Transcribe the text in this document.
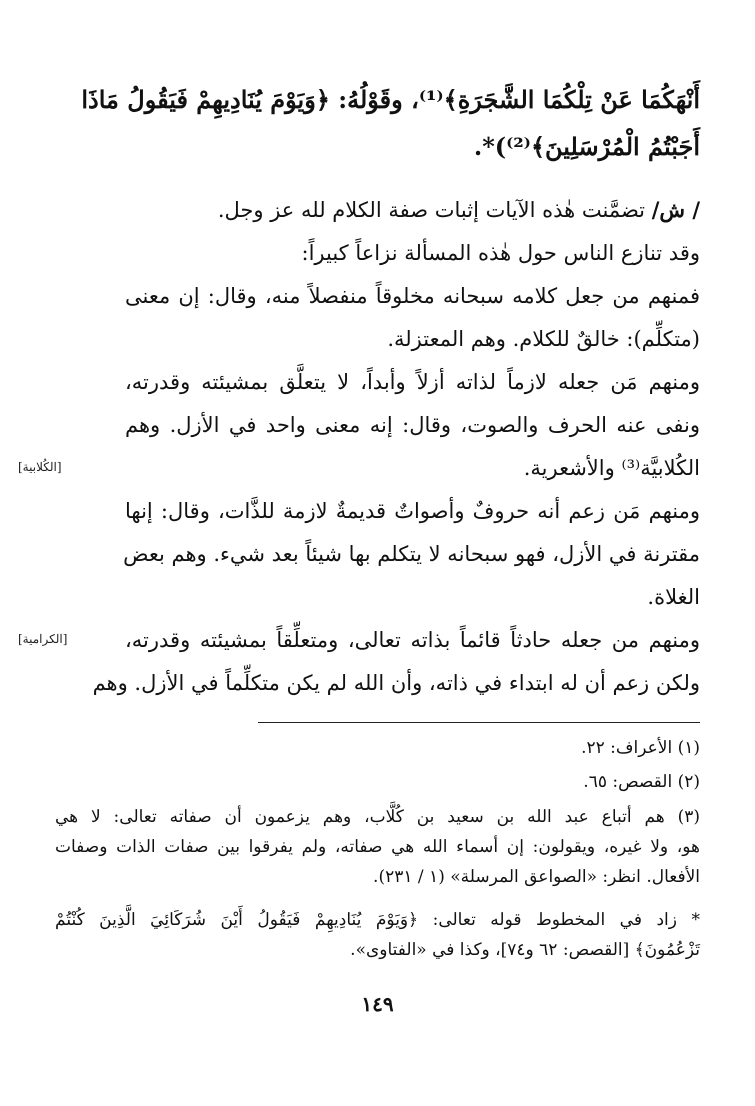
أَنْهَكُمَا عَنْ تِلْكُمَا الشَّجَرَةِ﴾⁽¹⁾، وقَوْلُهُ: ﴿وَيَوْمَ يُنَادِيهِمْ فَيَقُولُ مَاذَا
أَجَبْتُمُ الْمُرْسَلِينَ﴾⁽²⁾)*.
/ ش/ تضمَّنت هٰذه الآيات إثبات صفة الكلام لله عز وجل.
وقد تنازع الناس حول هٰذه المسألة نزاعاً كبيراً:
فمنهم من جعل كلامه سبحانه مخلوقاً منفصلاً منه، وقال: إن معنى
(متكلِّم): خالقٌ للكلام. وهم المعتزلة.
ومنهم مَن جعله لازماً لذاته أزلاً وأبداً، لا يتعلَّق بمشيئته وقدرته،
ونفى عنه الحرف والصوت، وقال: إنه معنى واحد في الأزل. وهم
الكُلابيَّة⁽³⁾ والأشعرية.
ومنهم مَن زعم أنه حروفٌ وأصواتٌ قديمةٌ لازمة للذَّات، وقال: إنها
مقترنة في الأزل، فهو سبحانه لا يتكلم بها شيئاً بعد شيء. وهم بعض
الغلاة.
ومنهم من جعله حادثاً قائماً بذاته تعالى، ومتعلِّقاً بمشيئته وقدرته،
ولكن زعم أن له ابتداء في ذاته، وأن الله لم يكن متكلِّماً في الأزل. وهم
[الكُلابية]
[الكرامية]
(١) الأعراف: ٢٢.
(٢) القصص: ٦٥.
(٣) هم أتباع عبد الله بن سعيد بن كُلَّاب، وهم يزعمون أن صفاته تعالى: لا هي
هو، ولا غيره، ويقولون: إن أسماء الله هي صفاته، ولم يفرقوا بين صفات الذات وصفات
الأفعال. انظر: «الصواعق المرسلة» (١ / ٢٣١).
* زاد في المخطوط قوله تعالى: ﴿وَيَوْمَ يُنَادِيهِمْ فَيَقُولُ أَيْنَ شُرَكَائِيَ الَّذِينَ كُنْتُمْ
تَزْعُمُونَ﴾ [القصص: ٦٢ و٧٤]، وكذا في «الفتاوى».
١٤٩
